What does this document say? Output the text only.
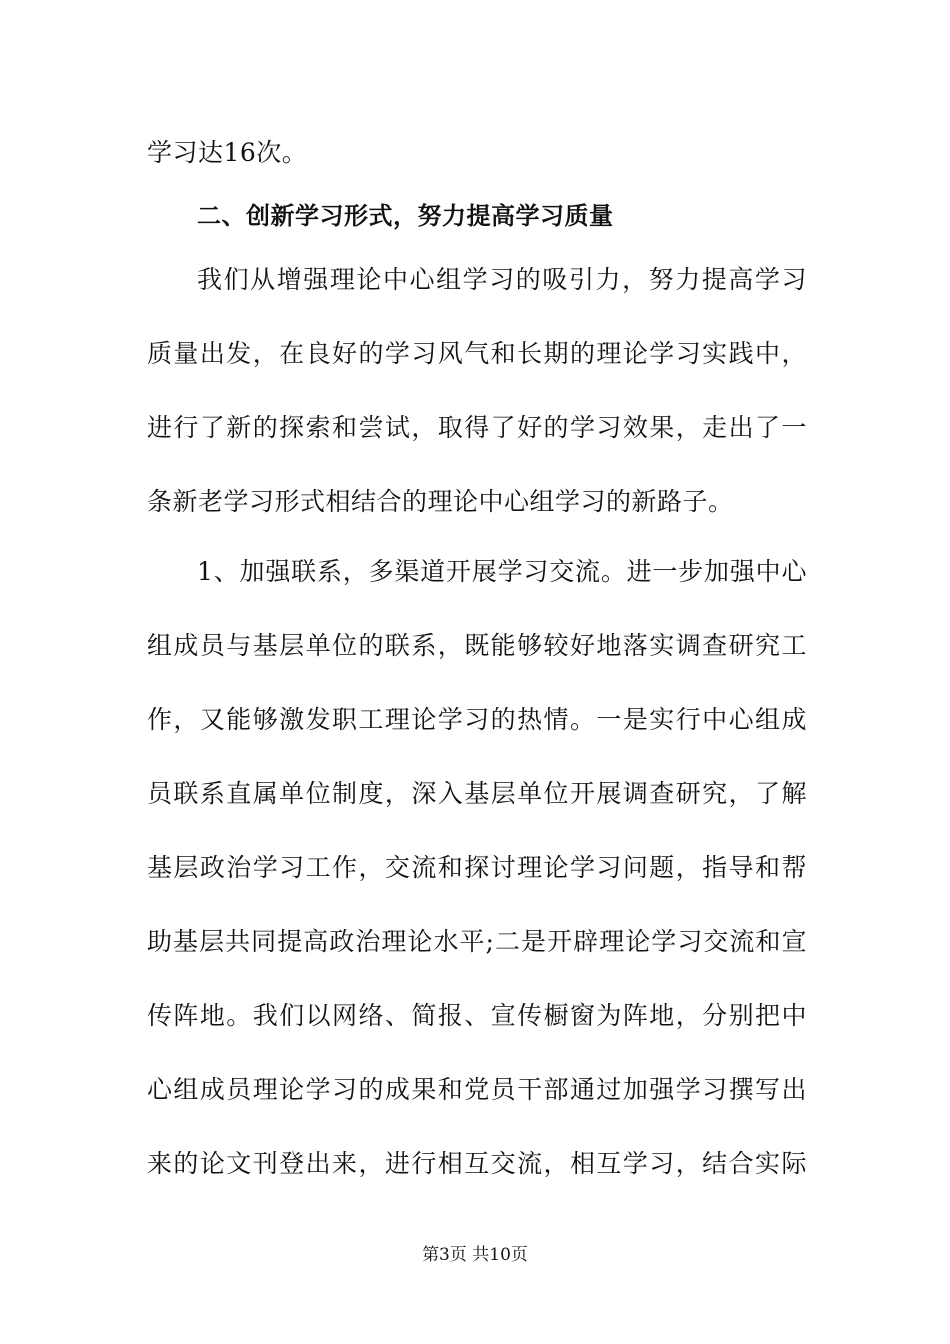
学习达16次。
二、创新学习形式，努力提高学习质量
我们从增强理论中心组学习的吸引力，努力提高学习
质量出发，在良好的学习风气和长期的理论学习实践中，
进行了新的探索和尝试，取得了好的学习效果，走出了一
条新老学习形式相结合的理论中心组学习的新路子。
1、加强联系，多渠道开展学习交流。进一步加强中心
组成员与基层单位的联系，既能够较好地落实调查研究工
作，又能够激发职工理论学习的热情。一是实行中心组成
员联系直属单位制度，深入基层单位开展调查研究，了解
基层政治学习工作，交流和探讨理论学习问题，指导和帮
助基层共同提高政治理论水平;二是开辟理论学习交流和宣
传阵地。我们以网络、简报、宣传橱窗为阵地，分别把中
心组成员理论学习的成果和党员干部通过加强学习撰写出
来的论文刊登出来，进行相互交流，相互学习，结合实际
第3页 共10页
